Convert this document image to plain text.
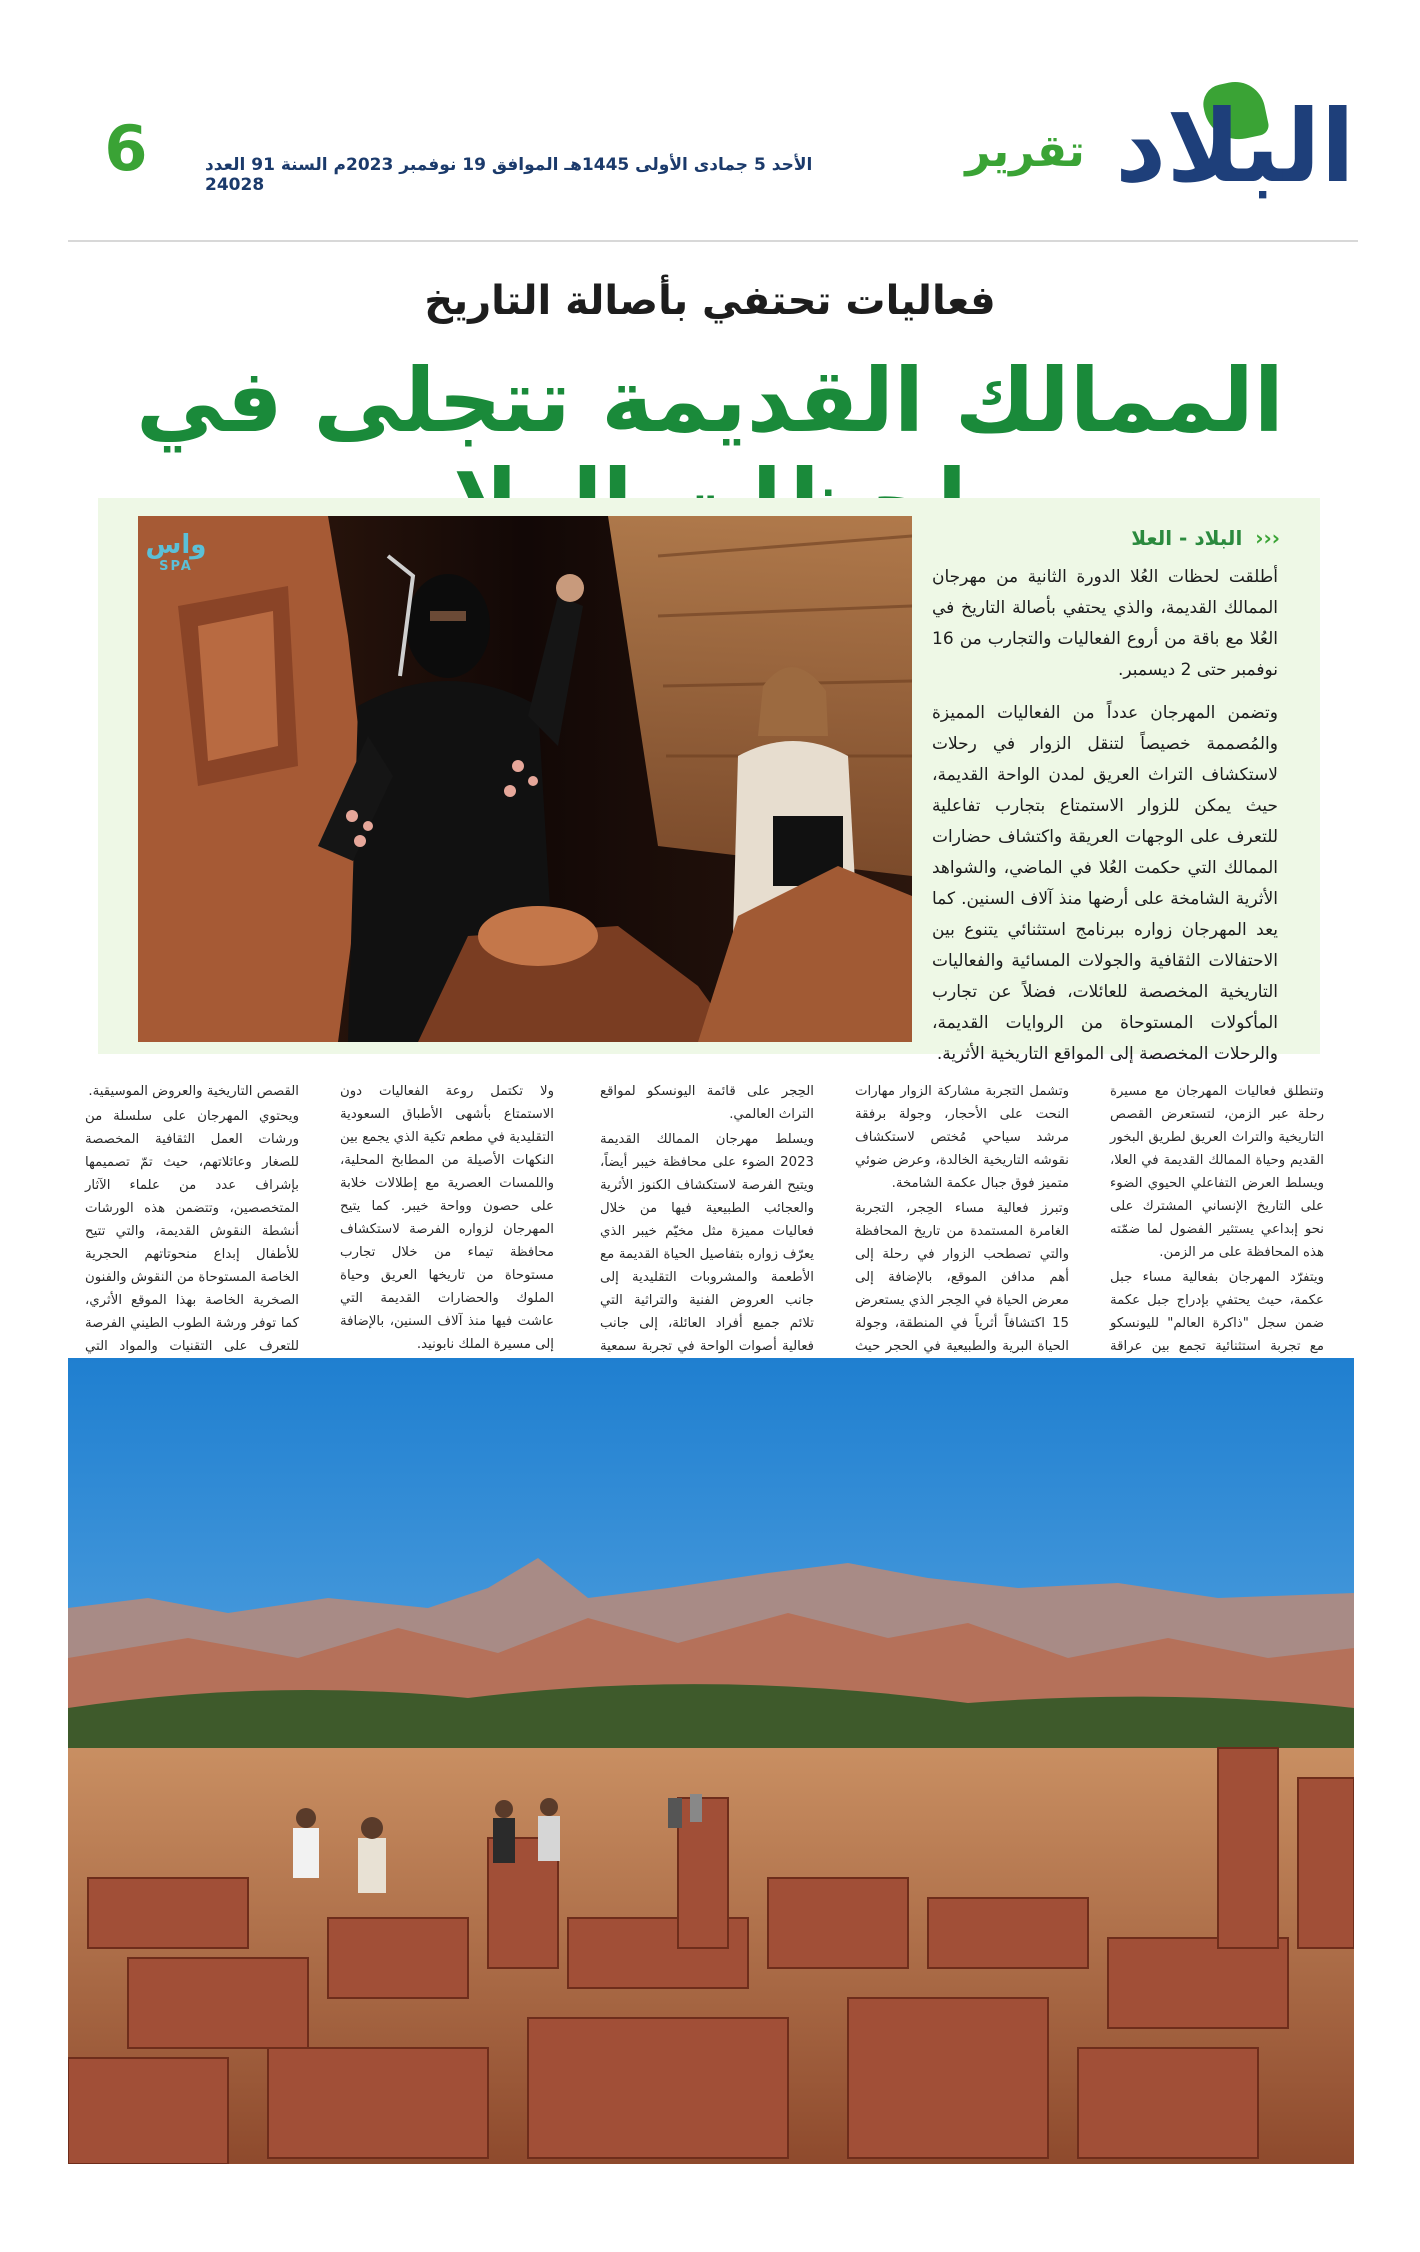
6	الأحد 5 جمادى الأولى 1445هـ الموافق 19 نوفمبر 2023م السنة 91 العدد 24028
تقرير البلاد
فعاليات تحتفي بأصالة التاريخ
الممالك القديمة تتجلى في
واس
SPA
‹‹‹ البلاد - العلا

أطلقت لحظات العُلا الدورة الثانية من مهرجان الممالك القديمة، والذي يحتفي بأصالة التاريخ في العُلا مع باقة من أروع الفعاليات والتجارب من 16 نوفمبر حتى 2 ديسمبر.

وتضمن المهرجان عدداً من الفعاليات المميزة والمُصممة خصيصاً لتنقل الزوار في رحلات لاستكشاف التراث العريق لمدن الواحة القديمة، حيث يمكن للزوار الاستمتاع بتجارب تفاعلية للتعرف على الوجهات العريقة واكتشاف حضارات الممالك التي حكمت العُلا في الماضي، والشواهد الأثرية الشامخة على أرضها منذ آلاف السنين. كما يعد المهرجان زواره ببرنامج استثنائي يتنوع بين الاحتفالات الثقافية والجولات المسائية والفعاليات التاريخية المخصصة للعائلات، فضلاً عن تجارب المأكولات المستوحاة من الروايات القديمة، والرحلات المخصصة إلى المواقع التاريخية الأثرية.

وتنطلق فعاليات المهرجان مع مسيرة رحلة عبر الزمن، لتستعرض القصص التاريخية والتراث العريق لطريق البخور القديم وحياة الممالك القديمة في العلا، ويسلط العرض التفاعلي الحيوي الضوء على التاريخ الإنساني المشترك على نحو إبداعي يستثير الفضول لما ضمّته هذه المحافظة على مر الزمن.

ويتفرّد المهرجان بفعالية مساء جبل عكمة، حيث يحتفي بإدراج جبل عكمة ضمن سجل "ذاكرة العالم" لليونسكو مع تجربة استثنائية تجمع بين عراقة

وتشمل التجربة مشاركة الزوار مهارات النحت على الأحجار، وجولة برفقة مرشد سياحي مُختص لاستكشاف نقوشه التاريخية الخالدة، وعرض ضوئي متميز فوق جبال عكمة الشامخة.

وتبرز فعالية مساء الحِجر، التجربة الغامرة المستمدة من تاريخ المحافظة والتي تصطحب الزوار في رحلة إلى أهم مدافن الموقع، بالإضافة إلى معرض الحياة في الحِجر الذي يستعرض 15 اكتشافاً أثرياً في المنطقة، وجولة الحياة البرية والطبيعية في الحجر حيث

الحِجر على قائمة اليونسكو لمواقع التراث العالمي.

ويسلط مهرجان الممالك القديمة 2023 الضوء على محافظة خيبر أيضاً، ويتيح الفرصة لاستكشاف الكنوز الأثرية والعجائب الطبيعية فيها من خلال فعاليات مميزة مثل مخيّم خيبر الذي يعرّف زواره بتفاصيل الحياة القديمة مع الأطعمة والمشروبات التقليدية إلى جانب العروض الفنية والتراثية التي تلائم جميع أفراد العائلة، إلى جانب فعالية أصوات الواحة في تجربة سمعية

ولا تكتمل روعة الفعاليات دون الاستمتاع بأشهى الأطباق السعودية التقليدية في مطعم تكية الذي يجمع بين النكهات الأصيلة من المطابخ المحلية، واللمسات العصرية مع إطلالات خلابة على حصون وواحة خيبر. كما يتيح المهرجان لزواره الفرصة لاستكشاف محافظة تيماء من خلال تجارب مستوحاة من تاريخها العريق وحياة الملوك والحضارات القديمة التي عاشت فيها منذ آلاف السنين، بالإضافة إلى مسيرة الملك نابونيد.

القصص التاريخية والعروض الموسيقية.

ويحتوي المهرجان على سلسلة من ورشات العمل الثقافية المخصصة للصغار وعائلاتهم، حيث تمّ تصميمها بإشراف عدد من علماء الآثار المتخصصين، وتتضمن هذه الورشات أنشطة النقوش القديمة، والتي تتيح للأطفال إبداع منحوتاتهم الحجرية الخاصة المستوحاة من النقوش والفنون الصخرية الخاصة بهذا الموقع الأثري، كما توفر ورشة الطوب الطيني الفرصة للتعرف على التقنيات والمواد التي
